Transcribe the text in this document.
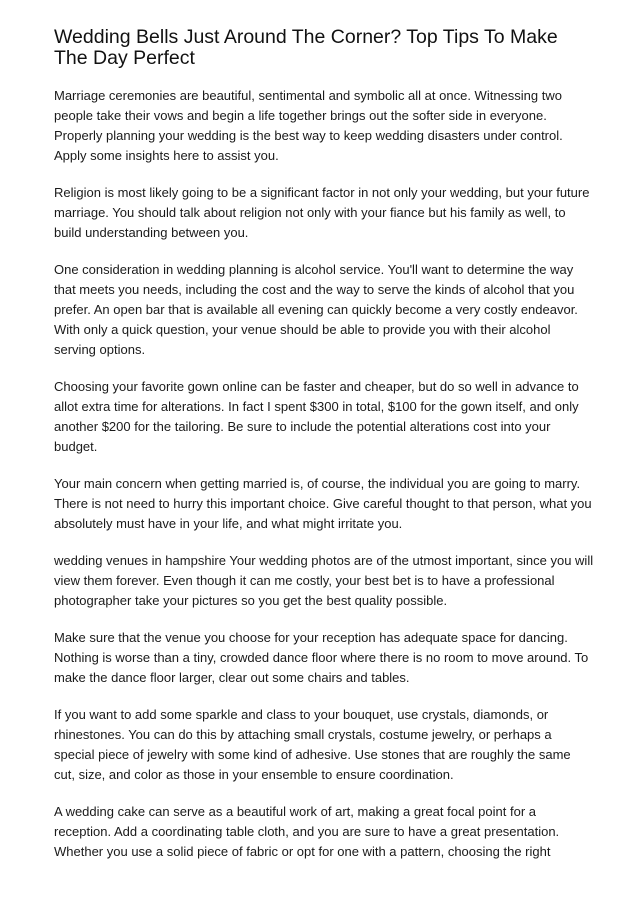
Wedding Bells Just Around The Corner? Top Tips To Make The Day Perfect

Marriage ceremonies are beautiful, sentimental and symbolic all at once. Witnessing two people take their vows and begin a life together brings out the softer side in everyone. Properly planning your wedding is the best way to keep wedding disasters under control. Apply some insights here to assist you.

Religion is most likely going to be a significant factor in not only your wedding, but your future marriage. You should talk about religion not only with your fiance but his family as well, to build understanding between you.

One consideration in wedding planning is alcohol service. You'll want to determine the way that meets you needs, including the cost and the way to serve the kinds of alcohol that you prefer. An open bar that is available all evening can quickly become a very costly endeavor. With only a quick question, your venue should be able to provide you with their alcohol serving options.

Choosing your favorite gown online can be faster and cheaper, but do so well in advance to allot extra time for alterations. In fact I spent $300 in total, $100 for the gown itself, and only another $200 for the tailoring. Be sure to include the potential alterations cost into your budget.

Your main concern when getting married is, of course, the individual you are going to marry. There is not need to hurry this important choice. Give careful thought to that person, what you absolutely must have in your life, and what might irritate you.

wedding venues in hampshire Your wedding photos are of the utmost important, since you will view them forever. Even though it can me costly, your best bet is to have a professional photographer take your pictures so you get the best quality possible.

Make sure that the venue you choose for your reception has adequate space for dancing. Nothing is worse than a tiny, crowded dance floor where there is no room to move around. To make the dance floor larger, clear out some chairs and tables.

If you want to add some sparkle and class to your bouquet, use crystals, diamonds, or rhinestones. You can do this by attaching small crystals, costume jewelry, or perhaps a special piece of jewelry with some kind of adhesive. Use stones that are roughly the same cut, size, and color as those in your ensemble to ensure coordination.

A wedding cake can serve as a beautiful work of art, making a great focal point for a reception. Add a coordinating table cloth, and you are sure to have a great presentation. Whether you use a solid piece of fabric or opt for one with a pattern, choosing the right
